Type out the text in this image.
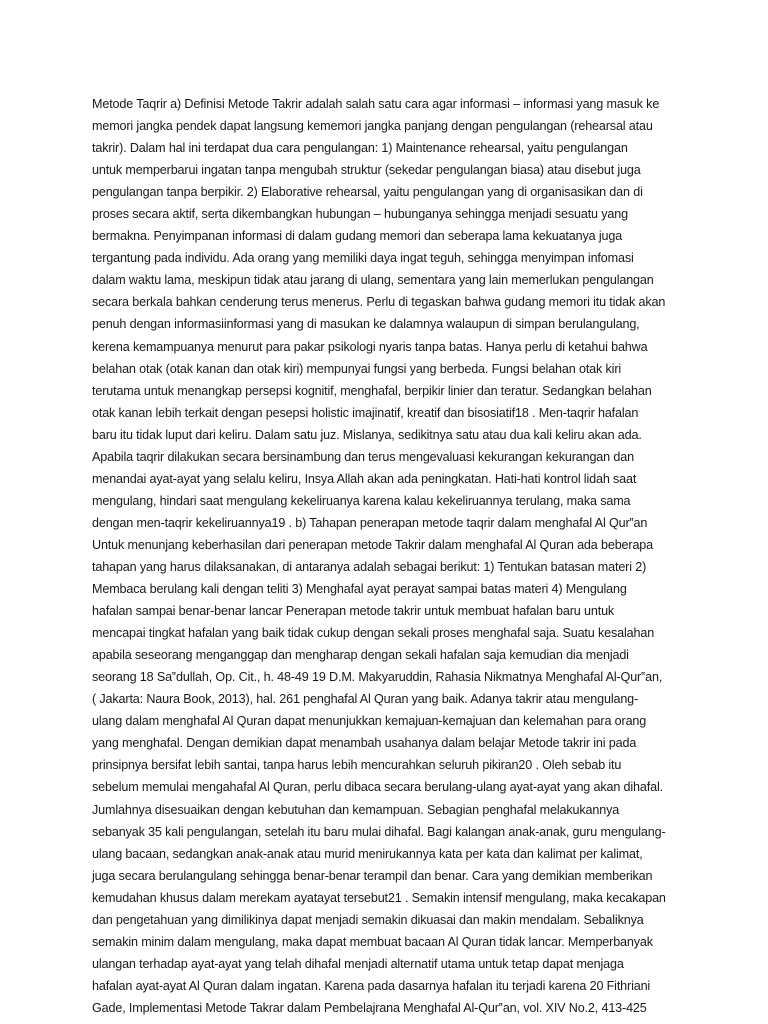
Metode Taqrir a) Definisi Metode Takrir adalah salah satu cara agar informasi – informasi yang masuk ke
memori jangka pendek dapat langsung kememori jangka panjang dengan pengulangan (rehearsal atau
takrir). Dalam hal ini terdapat dua cara pengulangan: 1) Maintenance rehearsal, yaitu pengulangan
untuk memperbarui ingatan tanpa mengubah struktur (sekedar pengulangan biasa) atau disebut juga
pengulangan tanpa berpikir. 2) Elaborative rehearsal, yaitu pengulangan yang di organisasikan dan di
proses secara aktif, serta dikembangkan hubungan – hubunganya sehingga menjadi sesuatu yang
bermakna. Penyimpanan informasi di dalam gudang memori dan seberapa lama kekuatanya juga
tergantung pada individu. Ada orang yang memiliki daya ingat teguh, sehingga menyimpan infomasi
dalam waktu lama, meskipun tidak atau jarang di ulang, sementara yang lain memerlukan pengulangan
secara berkala bahkan cenderung terus menerus. Perlu di tegaskan bahwa gudang memori itu tidak akan
penuh dengan informasiinformasi yang di masukan ke dalamnya walaupun di simpan berulangulang,
kerena kemampuanya menurut para pakar psikologi nyaris tanpa batas. Hanya perlu di ketahui bahwa
belahan otak (otak kanan dan otak kiri) mempunyai fungsi yang berbeda. Fungsi belahan otak kiri
terutama untuk menangkap persepsi kognitif, menghafal, berpikir linier dan teratur. Sedangkan belahan
otak kanan lebih terkait dengan pesepsi holistic imajinatif, kreatif dan bisosiatif18 . Men-taqrir hafalan
baru itu tidak luput dari keliru. Dalam satu juz. Mislanya, sedikitnya satu atau dua kali keliru akan ada.
Apabila taqrir dilakukan secara bersinambung dan terus mengevaluasi kekurangan kekurangan dan
menandai ayat-ayat yang selalu keliru, Insya Allah akan ada peningkatan. Hati-hati kontrol lidah saat
mengulang, hindari saat mengulang kekeliruanya karena kalau kekeliruannya terulang, maka sama
dengan men-taqrir kekeliruannya19 . b) Tahapan penerapan metode taqrir dalam menghafal Al Qur‟an
Untuk menunjang keberhasilan dari penerapan metode Takrir dalam menghafal Al Quran ada beberapa
tahapan yang harus dilaksanakan, di antaranya adalah sebagai berikut: 1) Tentukan batasan materi 2)
Membaca berulang kali dengan teliti 3) Menghafal ayat perayat sampai batas materi 4) Mengulang
hafalan sampai benar-benar lancar Penerapan metode takrir untuk membuat hafalan baru untuk
mencapai tingkat hafalan yang baik tidak cukup dengan sekali proses menghafal saja. Suatu kesalahan
apabila seseorang menganggap dan mengharap dengan sekali hafalan saja kemudian dia menjadi
seorang 18 Sa‟dullah, Op. Cit., h. 48-49 19 D.M. Makyaruddin, Rahasia Nikmatnya Menghafal Al-Qur‟an,
( Jakarta: Naura Book, 2013), hal. 261 penghafal Al Quran yang baik. Adanya takrir atau mengulang-
ulang dalam menghafal Al Quran dapat menunjukkan kemajuan-kemajuan dan kelemahan para orang
yang menghafal. Dengan demikian dapat menambah usahanya dalam belajar Metode takrir ini pada
prinsipnya bersifat lebih santai, tanpa harus lebih mencurahkan seluruh pikiran20 . Oleh sebab itu
sebelum memulai mengahafal Al Quran, perlu dibaca secara berulang-ulang ayat-ayat yang akan dihafal.
Jumlahnya disesuaikan dengan kebutuhan dan kemampuan. Sebagian penghafal melakukannya
sebanyak 35 kali pengulangan, setelah itu baru mulai dihafal. Bagi kalangan anak-anak, guru mengulang-
ulang bacaan, sedangkan anak-anak atau murid menirukannya kata per kata dan kalimat per kalimat,
juga secara berulangulang sehingga benar-benar terampil dan benar. Cara yang demikian memberikan
kemudahan khusus dalam merekam ayatayat tersebut21 . Semakin intensif mengulang, maka kecakapan
dan pengetahuan yang dimilikinya dapat menjadi semakin dikuasai dan makin mendalam. Sebaliknya
semakin minim dalam mengulang, maka dapat membuat bacaan Al Quran tidak lancar. Memperbanyak
ulangan terhadap ayat-ayat yang telah dihafal menjadi alternatif utama untuk tetap dapat menjaga
hafalan ayat-ayat Al Quran dalam ingatan. Karena pada dasarnya hafalan itu terjadi karena 20 Fithriani
Gade, Implementasi Metode Takrar dalam Pembelajrana Menghafal Al-Qur‟an, vol. XIV No.2, 413-425
